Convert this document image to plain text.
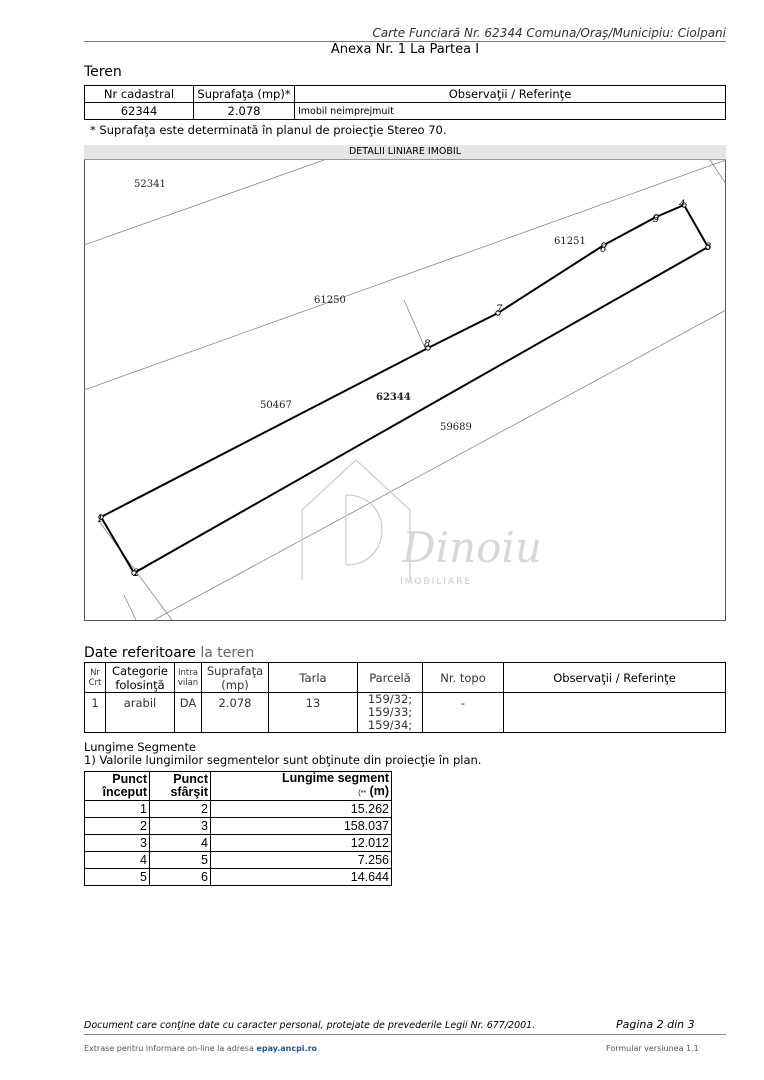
Carte Funciară Nr. 62344 Comuna/Oraş/Municipiu: Ciolpani
Anexa Nr. 1 La Partea I
Teren
Nr cadastral	Suprafaţa (mp)*	Observaţii / Referinţe
62344	2.078	Imobil neimprejmuit
* Suprafaţa este determinată în planul de proiecţie Stereo 70.
DETALII LINIARE IMOBIL
Dinoiu
IMOBILIARE
1
2
3
4
5
6
7
8
52341
61251
61250
50467
62344
59689
Date referitoare la teren
Nr Crt	Categorie folosinţă	Intra vilan	Suprafaţa (mp)	Tarla	Parcelă	Nr. topo	Observaţii / Referinţe
1	arabil	DA	2.078	13	159/32;
159/33;
159/34;	-	
Lungime Segmente
1) Valorile lungimilor segmentelor sunt obţinute din proiecţie în plan.
Punct început	Punct sfârşit	Lungime segment
(** (m)

1	2	15.262
2	3	158.037
3	4	12.012
4	5	7.256
5	6	14.644
Document care conţine date cu caracter personal, protejate de prevederile Legii Nr. 677/2001.	Pagina 2 din 3
Extrase pentru informare on-line la adresa epay.ancpi.ro	Formular versiunea 1.1
